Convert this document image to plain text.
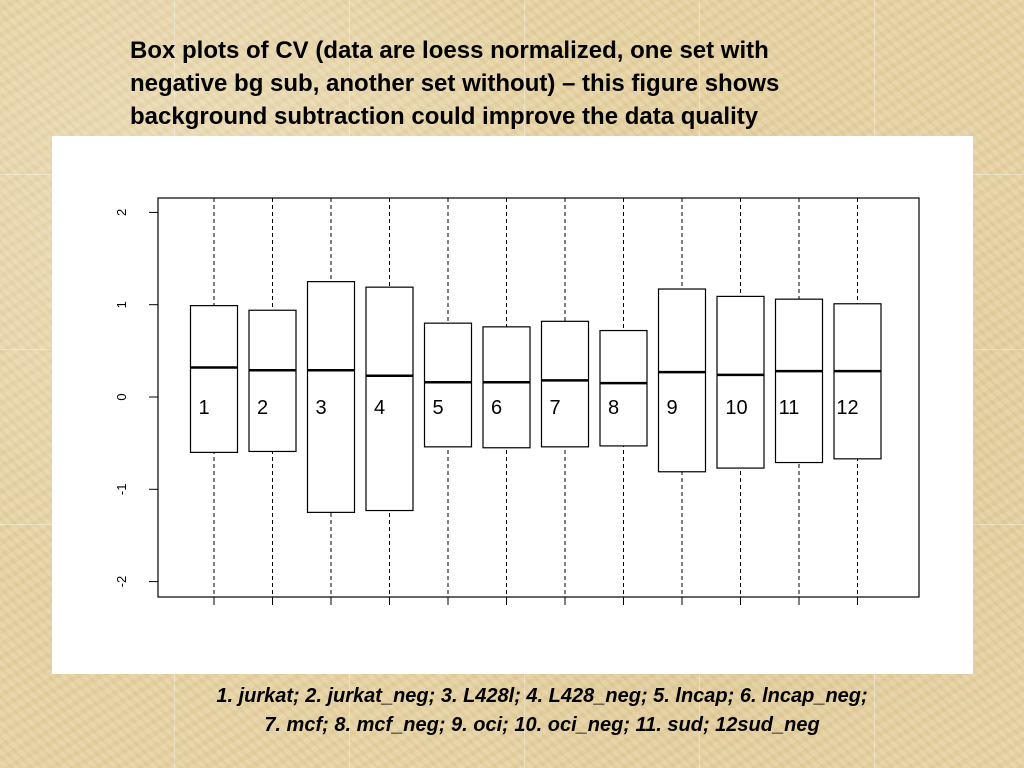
Box plots of CV (data are loess normalized, one set with
negative bg sub, another set without) – this figure shows
background subtraction could improve the data quality
-2
-1
0
1
2
1 2 3 4 5 6 7 8 9 10 11 12
1. jurkat; 2. jurkat_neg; 3. L428l; 4. L428_neg; 5. lncap; 6. lncap_neg;
7. mcf; 8. mcf_neg; 9. oci; 10. oci_neg; 11. sud; 12sud_neg
